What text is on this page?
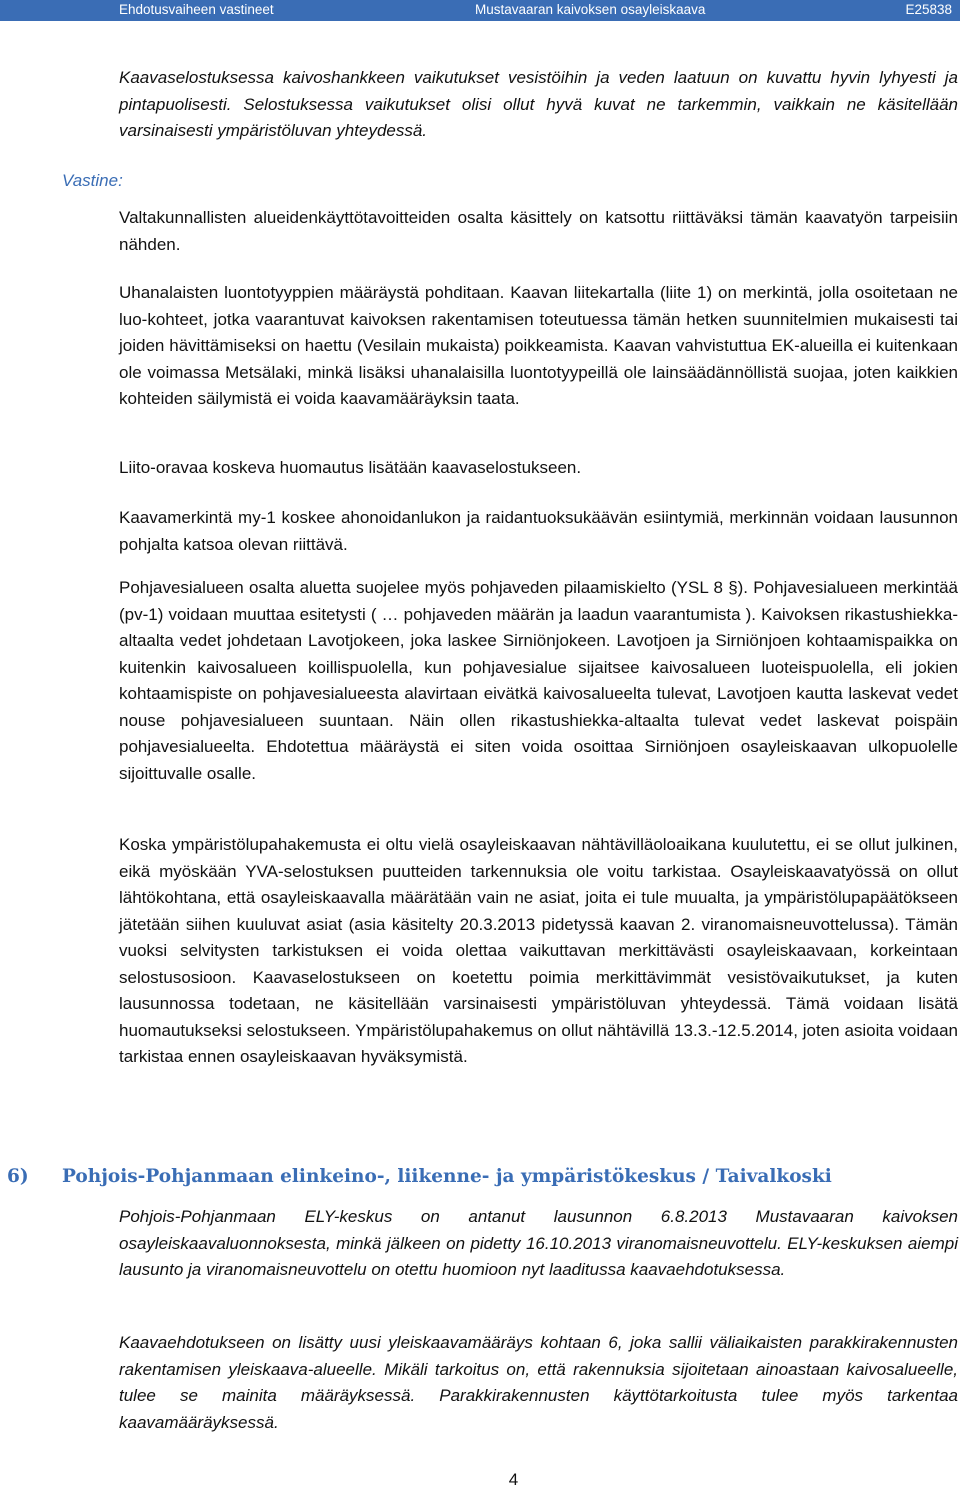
Ehdotusvaiheen vastineet	Mustavaaran kaivoksen osayleiskaava	E25838

Kaavaselostuksessa kaivoshankkeen vaikutukset vesistöihin ja veden laatuun on kuvattu hyvin lyhyesti ja pintapuolisesti. Selostuksessa vaikutukset olisi ollut hyvä kuvat ne tarkemmin, vaikkain ne käsitellään varsinaisesti ympäristöluvan yhteydessä.

Vastine:

Valtakunnallisten alueidenkäyttötavoitteiden osalta käsittely on katsottu riittäväksi tämän kaavatyön tarpeisiin nähden.

Uhanalaisten luontotyyppien määräystä pohditaan. Kaavan liitekartalla (liite 1) on merkintä, jolla osoitetaan ne luo-kohteet, jotka vaarantuvat kaivoksen rakentamisen toteutuessa tämän hetken suunnitelmien mukaisesti tai joiden hävittämiseksi on haettu (Vesilain mukaista) poikkeamista. Kaavan vahvistuttua EK-alueilla ei kuitenkaan ole voimassa Metsälaki, minkä lisäksi uhanalaisilla luontotyypeillä ole lainsäädännöllistä suojaa, joten kaikkien kohteiden säilymistä ei voida kaavamääräyksin taata.

Liito-oravaa koskeva huomautus lisätään kaavaselostukseen.

Kaavamerkintä my-1 koskee ahonoidanlukon ja raidantuoksukäävän esiintymiä, merkinnän voidaan lausunnon pohjalta katsoa olevan riittävä.

Pohjavesialueen osalta aluetta suojelee myös pohjaveden pilaamiskielto (YSL 8 §). Pohjavesialueen merkintää (pv-1) voidaan muuttaa esitetysti ( … pohjaveden määrän ja laadun vaarantumista ). Kaivoksen rikastushiekka-altaalta vedet johdetaan Lavotjokeen, joka laskee Sirniönjokeen. Lavotjoen ja Sirniönjoen kohtaamispaikka on kuitenkin kaivosalueen koillispuolella, kun pohjavesialue sijaitsee kaivosalueen luoteispuolella, eli jokien kohtaamispiste on pohjavesialueesta alavirtaan eivätkä kaivosalueelta tulevat, Lavotjoen kautta laskevat vedet nouse pohjavesialueen suuntaan. Näin ollen rikastushiekka-altaalta tulevat vedet laskevat poispäin pohjavesialueelta. Ehdotettua määräystä ei siten voida osoittaa Sirniönjoen osayleiskaavan ulkopuolelle sijoittuvalle osalle.

Koska ympäristölupahakemusta ei oltu vielä osayleiskaavan nähtävilläoloaikana kuulutettu, ei se ollut julkinen, eikä myöskään YVA-selostuksen puutteiden tarkennuksia ole voitu tarkistaa. Osayleiskaavatyössä on ollut lähtökohtana, että osayleiskaavalla määrätään vain ne asiat, joita ei tule muualta, ja ympäristölupapäätökseen jätetään siihen kuuluvat asiat (asia käsitelty 20.3.2013 pidetyssä kaavan 2. viranomaisneuvottelussa). Tämän vuoksi selvitysten tarkistuksen ei voida olettaa vaikuttavan merkittävästi osayleiskaavaan, korkeintaan selostusosioon. Kaavaselostukseen on koetettu poimia merkittävimmät vesistövaikutukset, ja kuten lausunnossa todetaan, ne käsitellään varsinaisesti ympäristöluvan yhteydessä. Tämä voidaan lisätä huomautukseksi selostukseen. Ympäristölupahakemus on ollut nähtävillä 13.3.-12.5.2014, joten asioita voidaan tarkistaa ennen osayleiskaavan hyväksymistä.

6) Pohjois-Pohjanmaan elinkeino-, liikenne- ja ympäristökeskus / Taivalkoski

Pohjois-Pohjanmaan ELY-keskus on antanut lausunnon 6.8.2013 Mustavaaran kaivoksen osayleiskaavaluonnoksesta, minkä jälkeen on pidetty 16.10.2013 viranomaisneuvottelu. ELY-keskuksen aiempi lausunto ja viranomaisneuvottelu on otettu huomioon nyt laaditussa kaavaehdotuksessa.

Kaavaehdotukseen on lisätty uusi yleiskaavamääräys kohtaan 6, joka sallii väliaikaisten parakkirakennusten rakentamisen yleiskaava-alueelle. Mikäli tarkoitus on, että rakennuksia sijoitetaan ainoastaan kaivosalueelle, tulee se mainita määräyksessä. Parakkirakennusten käyttötarkoitusta tulee myös tarkentaa kaavamääräyksessä.

4
